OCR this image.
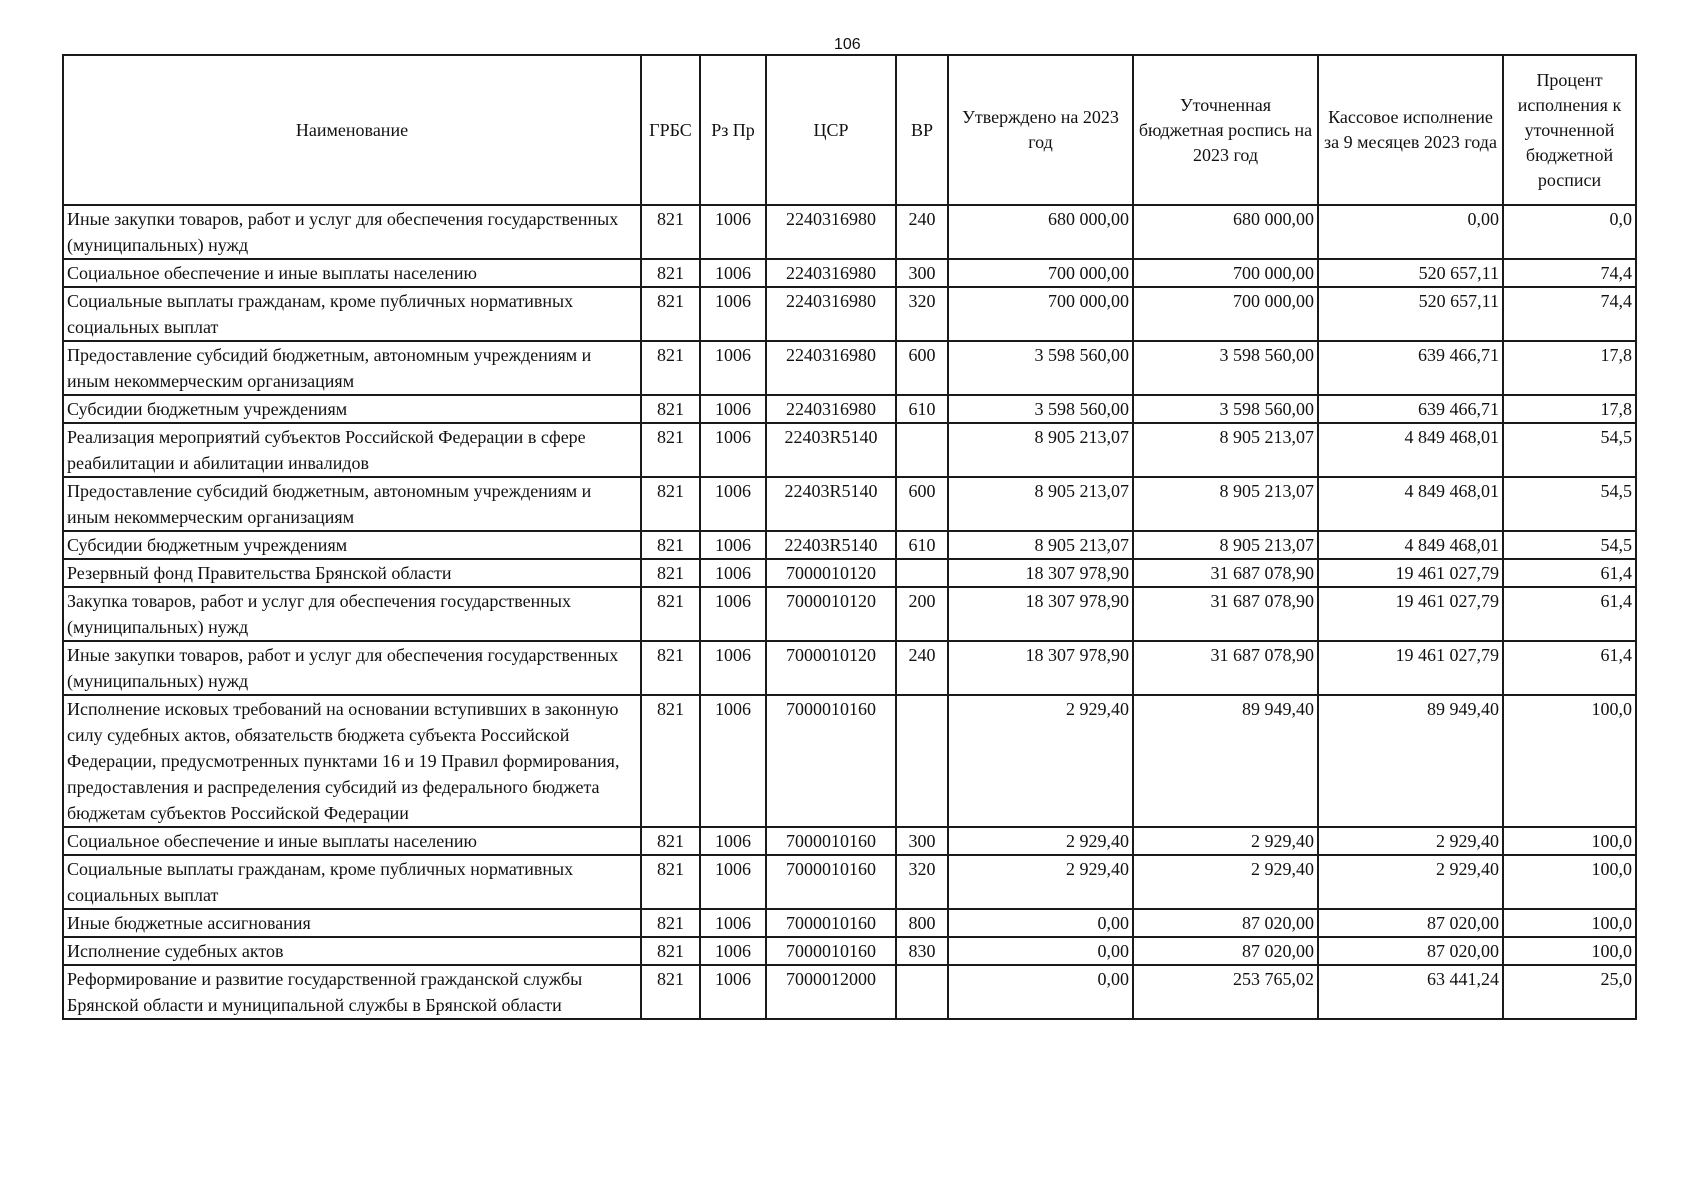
106
Наименование	ГРБС	Рз Пр	ЦСР	ВР	Утверждено на 2023 год	Уточненная бюджетная роспись на 2023 год	Кассовое исполнение за 9 месяцев 2023 года	Процент исполнения к уточненной бюджетной росписи
Иные закупки товаров, работ и услуг для обеспечения государственных (муниципальных) нужд	821	1006	2240316980	240	680 000,00	680 000,00	0,00	0,0
Социальное обеспечение и иные выплаты населению	821	1006	2240316980	300	700 000,00	700 000,00	520 657,11	74,4
Социальные выплаты гражданам, кроме публичных нормативных социальных выплат	821	1006	2240316980	320	700 000,00	700 000,00	520 657,11	74,4
Предоставление субсидий бюджетным, автономным учреждениям и иным некоммерческим организациям	821	1006	2240316980	600	3 598 560,00	3 598 560,00	639 466,71	17,8
Субсидии бюджетным учреждениям	821	1006	2240316980	610	3 598 560,00	3 598 560,00	639 466,71	17,8
Реализация мероприятий субъектов Российской Федерации в сфере реабилитации и абилитации инвалидов	821	1006	22403R5140		8 905 213,07	8 905 213,07	4 849 468,01	54,5
Предоставление субсидий бюджетным, автономным учреждениям и иным некоммерческим организациям	821	1006	22403R5140	600	8 905 213,07	8 905 213,07	4 849 468,01	54,5
Субсидии бюджетным учреждениям	821	1006	22403R5140	610	8 905 213,07	8 905 213,07	4 849 468,01	54,5
Резервный фонд Правительства Брянской области	821	1006	7000010120		18 307 978,90	31 687 078,90	19 461 027,79	61,4
Закупка товаров, работ и услуг для обеспечения государственных (муниципальных) нужд	821	1006	7000010120	200	18 307 978,90	31 687 078,90	19 461 027,79	61,4
Иные закупки товаров, работ и услуг для обеспечения государственных (муниципальных) нужд	821	1006	7000010120	240	18 307 978,90	31 687 078,90	19 461 027,79	61,4
Исполнение исковых требований на основании вступивших в законную силу судебных актов, обязательств бюджета субъекта Российской Федерации, предусмотренных пунктами 16 и 19 Правил формирования, предоставления и распределения субсидий из федерального бюджета бюджетам субъектов Российской Федерации	821	1006	7000010160		2 929,40	89 949,40	89 949,40	100,0
Социальное обеспечение и иные выплаты населению	821	1006	7000010160	300	2 929,40	2 929,40	2 929,40	100,0
Социальные выплаты гражданам, кроме публичных нормативных социальных выплат	821	1006	7000010160	320	2 929,40	2 929,40	2 929,40	100,0
Иные бюджетные ассигнования	821	1006	7000010160	800	0,00	87 020,00	87 020,00	100,0
Исполнение судебных актов	821	1006	7000010160	830	0,00	87 020,00	87 020,00	100,0
Реформирование и развитие государственной гражданской службы Брянской области и муниципальной службы в Брянской области	821	1006	7000012000		0,00	253 765,02	63 441,24	25,0
